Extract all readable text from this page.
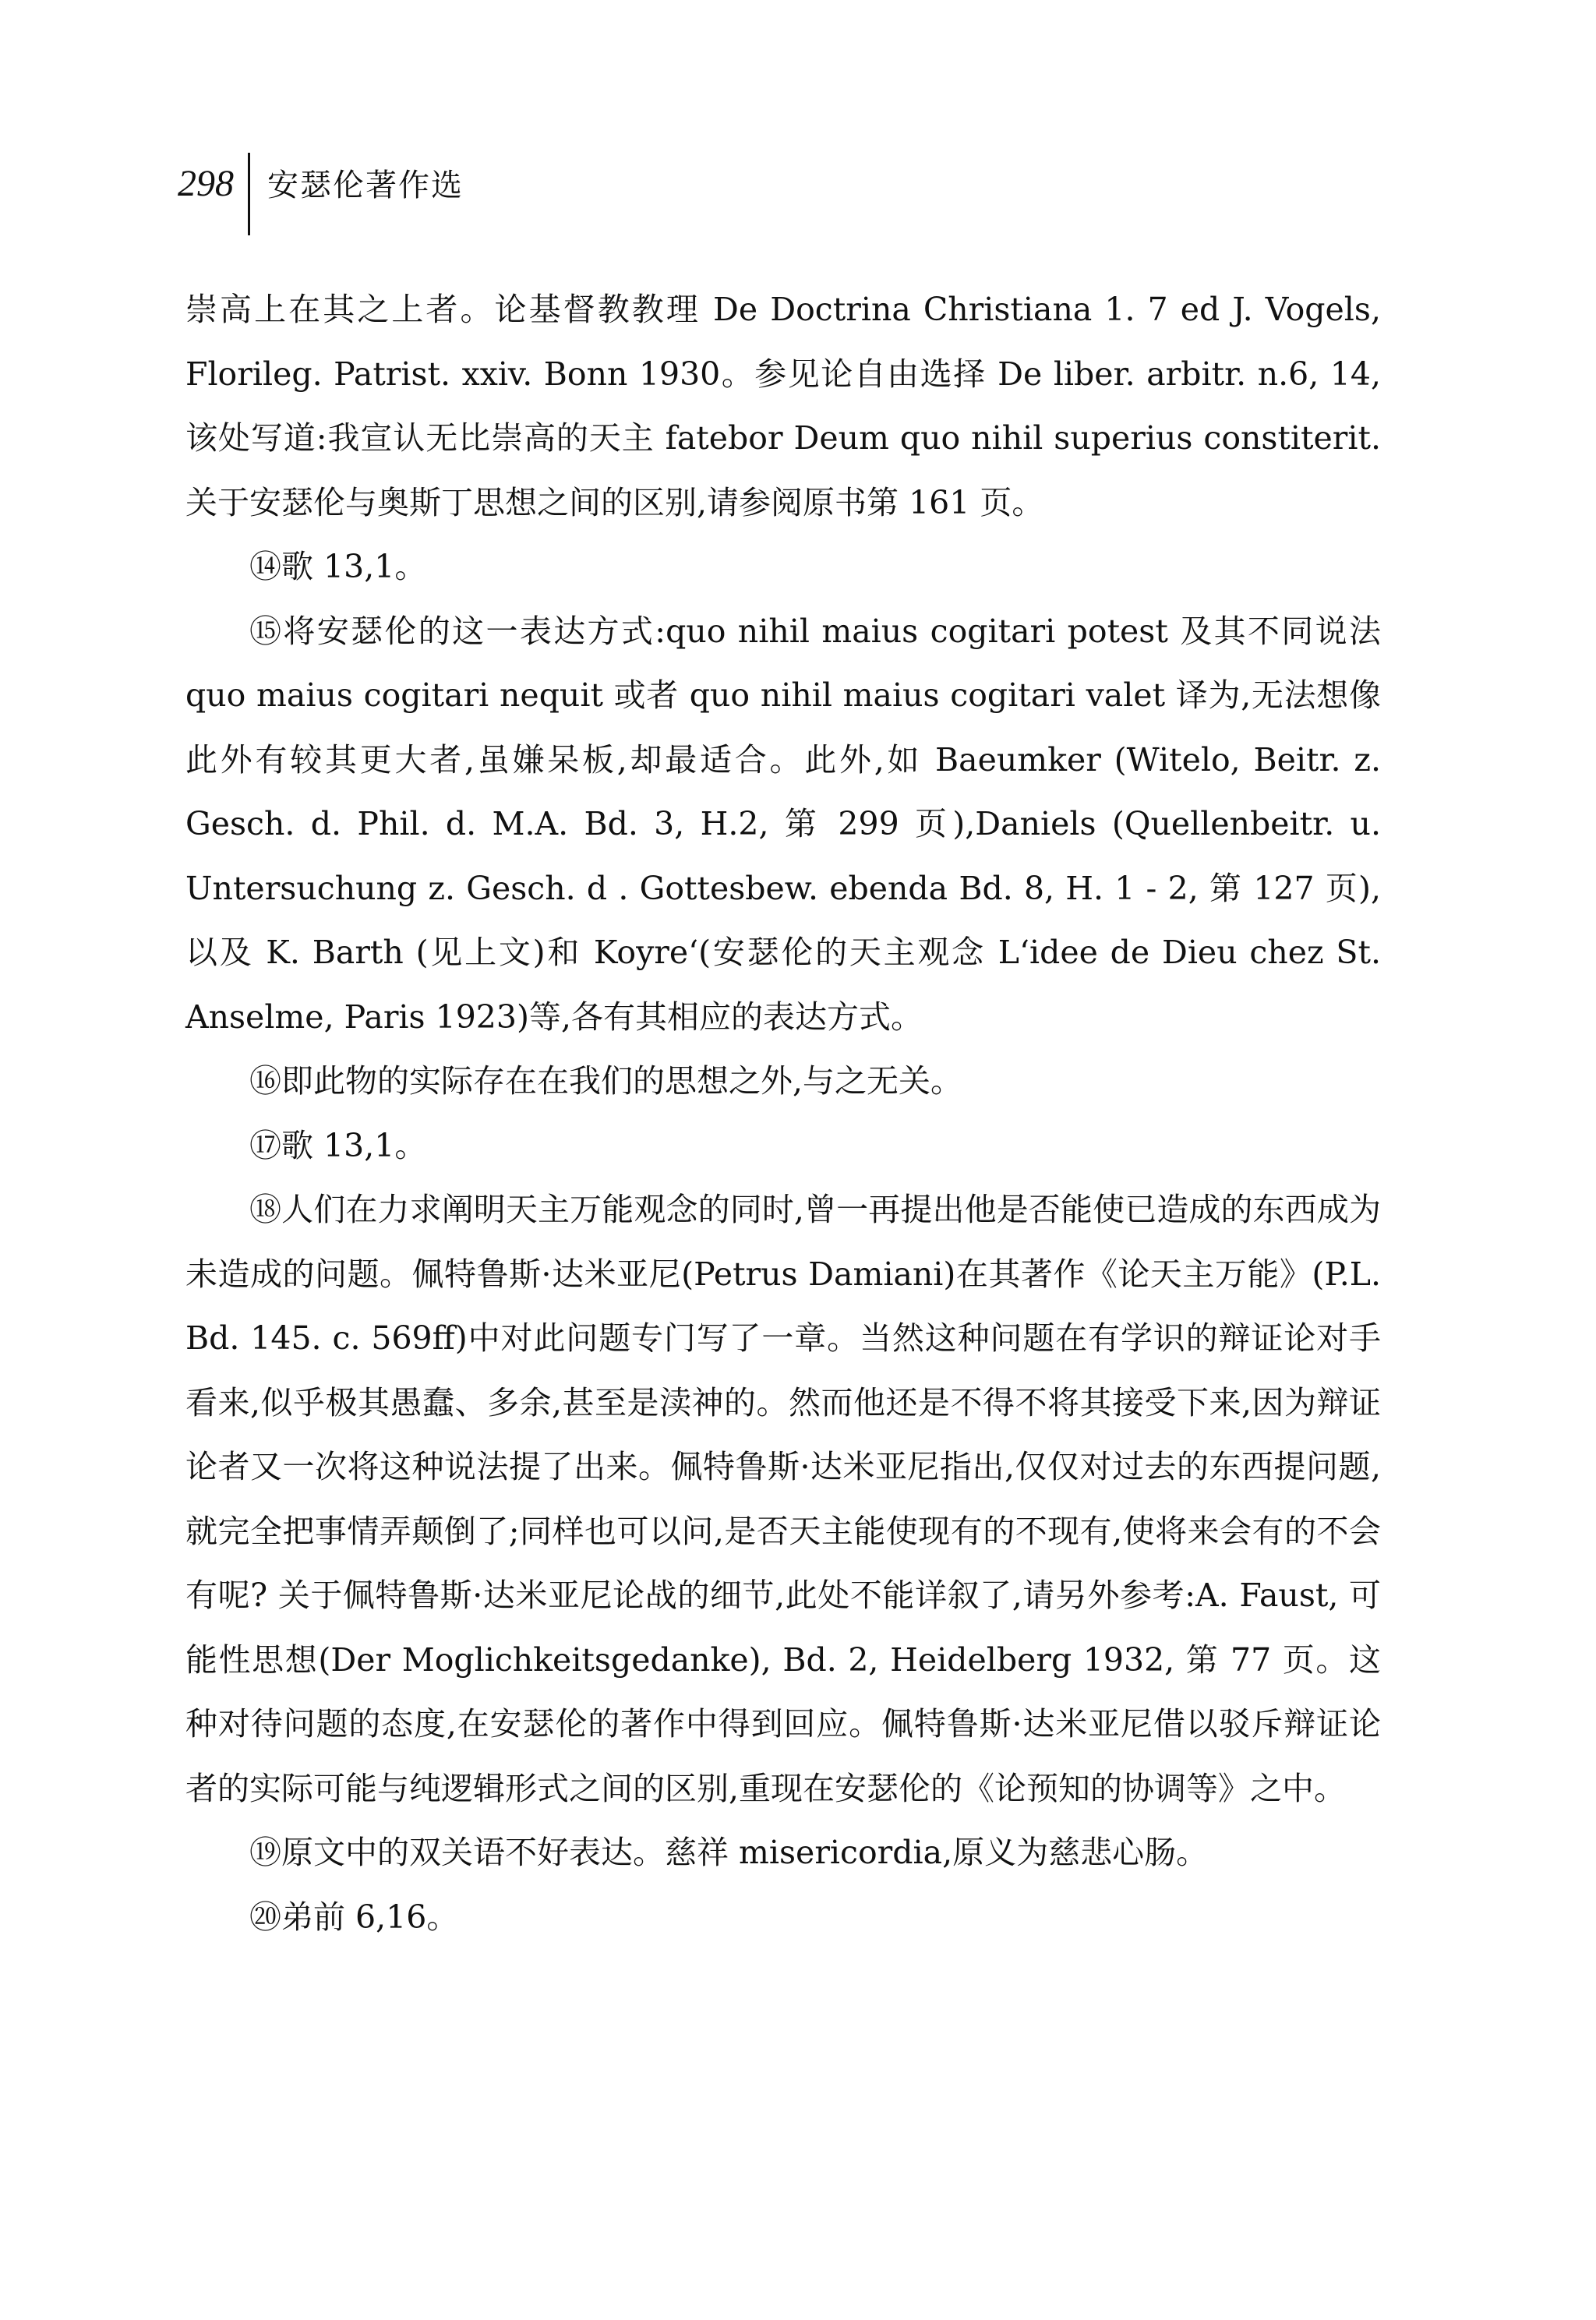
298	安瑟伦著作选

崇高上在其之上者。论基督教教理 De Doctrina Christiana 1. 7 ed J. Vogels, Florileg. Patrist. xxiv. Bonn 1930。参见论自由选择 De liber. arbitr. n.6, 14, 该处写道:我宣认无比崇高的天主 fatebor Deum quo nihil superius constiterit. 关于安瑟伦与奥斯丁思想之间的区别,请参阅原书第 161 页。

⑭歌 13,1。

⑮将安瑟伦的这一表达方式:quo nihil maius cogitari potest 及其不同说法 quo maius cogitari nequit 或者 quo nihil maius cogitari valet 译为,无法想像此外有较其更大者,虽嫌呆板,却最适合。此外,如 Baeumker (Witelo, Beitr. z. Gesch. d. Phil. d. M.A. Bd. 3, H.2, 第 299 页),Daniels (Quellenbeitr. u. Untersuchung z. Gesch. d . Gottesbew. ebenda Bd. 8, H. 1 - 2, 第 127 页), 以及 K. Barth (见上文)和 Koyre‘(安瑟伦的天主观念 L‘idee de Dieu chez St. Anselme, Paris 1923)等,各有其相应的表达方式。

⑯即此物的实际存在在我们的思想之外,与之无关。

⑰歌 13,1。

⑱人们在力求阐明天主万能观念的同时,曾一再提出他是否能使已造成的东西成为未造成的问题。佩特鲁斯·达米亚尼(Petrus Damiani)在其著作《论天主万能》(P.L. Bd. 145. c. 569ff)中对此问题专门写了一章。当然这种问题在有学识的辩证论对手看来,似乎极其愚蠢、多余,甚至是渎神的。然而他还是不得不将其接受下来,因为辩证论者又一次将这种说法提了出来。佩特鲁斯·达米亚尼指出,仅仅对过去的东西提问题,就完全把事情弄颠倒了;同样也可以问,是否天主能使现有的不现有,使将来会有的不会有呢? 关于佩特鲁斯·达米亚尼论战的细节,此处不能详叙了,请另外参考:A. Faust, 可能性思想(Der Moglichkeitsgedanke), Bd. 2, Heidelberg 1932, 第 77 页。这种对待问题的态度,在安瑟伦的著作中得到回应。佩特鲁斯·达米亚尼借以驳斥辩证论者的实际可能与纯逻辑形式之间的区别,重现在安瑟伦的《论预知的协调等》之中。

⑲原文中的双关语不好表达。慈祥 misericordia,原义为慈悲心肠。

⑳弟前 6,16。
